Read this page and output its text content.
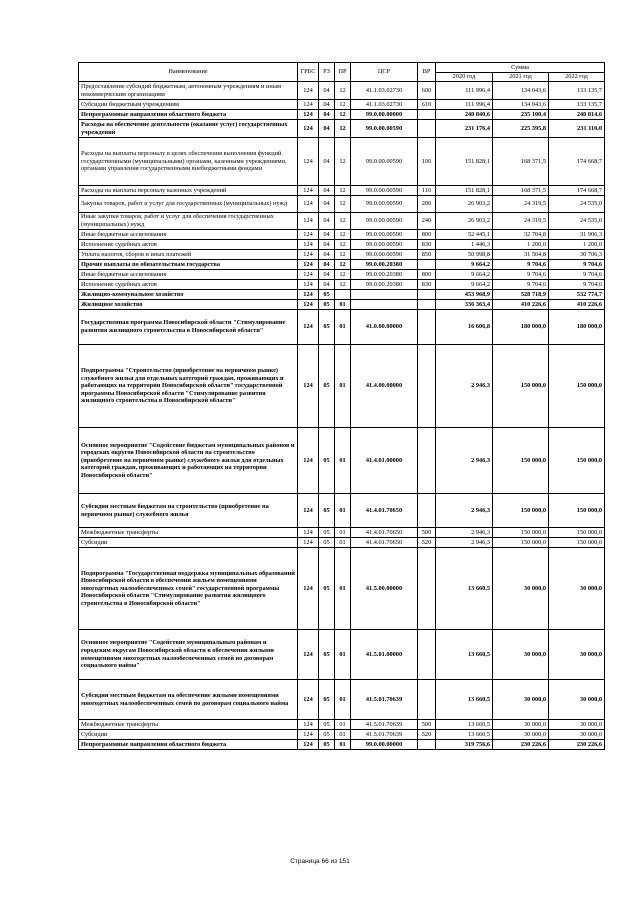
Наименование	ГРБС	РЗ	ПР	ЦСР	ВР	Сумма		
						2020 год	2021 год	2022 год
Предоставление субсидий бюджетным, автономным учреждениям и иным некоммерческим организациям	124	04	12	41.1.03.02730	600	111 996,4	134 043,6	133 135,7
Субсидии бюджетным учреждениям	124	04	12	41.1.03.02730	610	111 996,4	134 043,6	133 135,7
Непрограммные направления областного бюджета	124	04	12	99.0.00.00000		240 840,6	235 100,4	240 814,6
Расходы на обеспечение деятельности (оказание услуг) государственных учреждений	124	04	12	99.0.00.00590		231 176,4	225 395,8	231 110,0
Расходы на выплаты персоналу в целях обеспечения выполнения функций государственными (муниципальными) органами, казенными учреждениями, органами управления государственными внебюджетными фондами	124	04	12	99.0.00.00590	100	151 828,1	168 371,5	174 668,7
Расходы на выплаты персоналу казенных учреждений	124	04	12	99.0.00.00590	110	151 828,1	168 371,5	174 668,7
Закупка товаров, работ и услуг для государственных (муниципальных) нужд	124	04	12	99.0.00.00590	200	26 903,2	24 319,5	24 535,0
Иные закупки товаров, работ и услуг для обеспечения государственных (муниципальных) нужд	124	04	12	99.0.00.00590	240	26 903,2	24 319,5	24 535,0
Иные бюджетные ассигнования	124	04	12	99.0.00.00590	800	52 445,1	32 704,8	31 906,3
Исполнение судебных актов	124	04	12	99.0.00.00590	830	1 446,3	1 200,0	1 200,0
Уплата налогов, сборов и иных платежей	124	04	12	99.0.00.00590	850	50 998,8	31 504,8	30 706,3
Прочие выплаты по обязательствам государства	124	04	12	99.0.00.20380		9 664,2	9 704,6	9 704,6
Иные бюджетные ассигнования	124	04	12	99.0.00.20380	800	9 664,2	9 704,6	9 704,6
Исполнение судебных актов	124	04	12	99.0.00.20380	830	9 664,2	9 704,6	9 704,6
Жилищно-коммунальное хозяйство	124	05				453 968,9	528 718,9	532 774,7
Жилищное хозяйство	124	05	01			336 363,4	410 226,6	410 226,6
Государственная программа Новосибирской области "Стимулирование развития жилищного строительства в Новосибирской области"	124	05	01	41.0.00.00000		16 606,8	180 000,0	180 000,0
Подпрограмма "Строительство (приобретение на первичном рынке) служебного жилья для отдельных категорий граждан, проживающих и работающих на территории Новосибирской области" государственной программы Новосибирской области "Стимулирование развития жилищного строительства в Новосибирской области"	124	05	01	41.4.00.00000		2 946,3	150 000,0	150 000,0
Основное мероприятие "Содействие бюджетам муниципальных районов и городских округов Новосибирской области на строительство (приобретение на первичном рынке) служебного жилья для отдельных категорий граждан, проживающих и работающих на территории Новосибирской области"	124	05	01	41.4.01.00000		2 946,3	150 000,0	150 000,0
Субсидии местным бюджетам на строительство (приобретение на первичном рынке) служебного жилья	124	05	01	41.4.01.70650		2 946,3	150 000,0	150 000,0
Межбюджетные трансферты	124	05	01	41.4.01.70650	500	2 946,3	150 000,0	150 000,0
Субсидии	124	05	01	41.4.01.70650	520	2 946,3	150 000,0	150 000,0
Подпрограмма "Государственная поддержка муниципальных образований Новосибирской области в обеспечении жильем помещениями многодетных малообеспеченных семей" государственной программы Новосибирской области "Стимулирование развития жилищного строительства в Новосибирской области"	124	05	01	41.5.00.00000		13 660,5	30 000,0	30 000,0
Основное мероприятие "Содействие муниципальным районам и городским округам Новосибирской области в обеспечении жилыми помещениями многодетных малообеспеченных семей по договорам социального найма"	124	05	01	41.5.01.00000		13 660,5	30 000,0	30 000,0
Субсидии местным бюджетам на обеспечение жилыми помещениями многодетных малообеспеченных семей по договорам социального найма	124	05	01	41.5.01.70639		13 660,5	30 000,0	30 000,0
Межбюджетные трансферты	124	05	01	41.5.01.70639	500	13 660,5	30 000,0	30 000,0
Субсидии	124	05	01	41.5.01.70639	520	13 660,5	30 000,0	30 000,0
Непрограммные направления областного бюджета	124	05	01	99.0.00.00000		319 756,6	230 226,6	230 226,6
Страница 66 из 151
